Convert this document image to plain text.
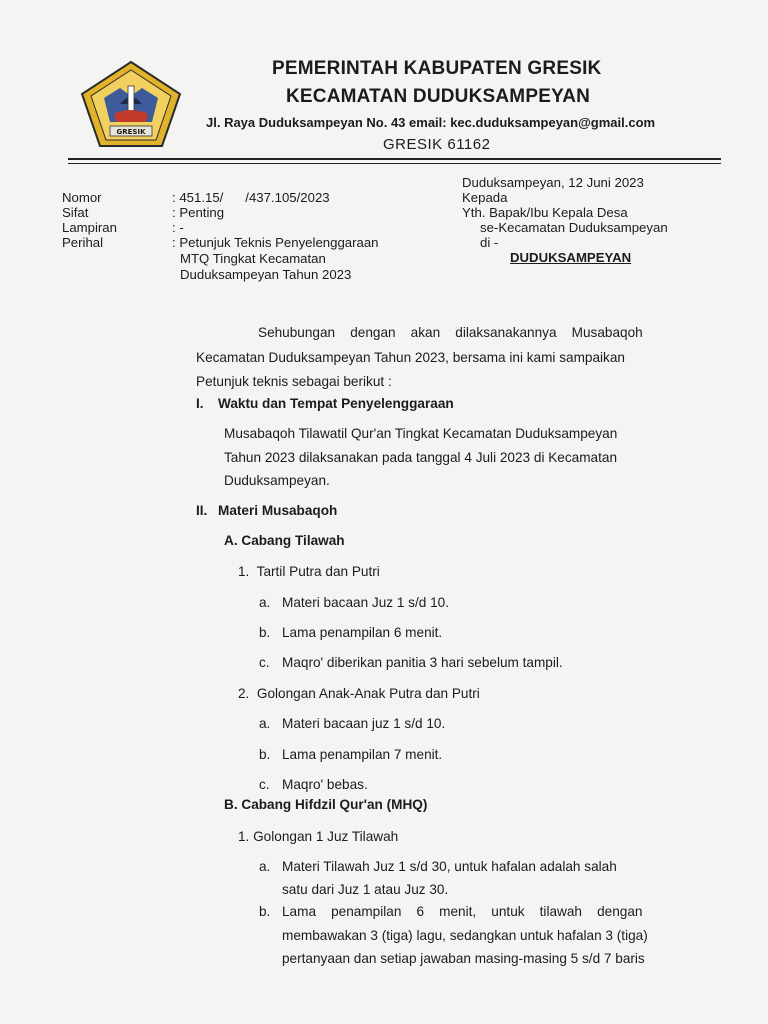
GRESIK
PEMERINTAH KABUPATEN GRESIK
KECAMATAN DUDUKSAMPEYAN
Jl. Raya Duduksampeyan No. 43 email: kec.duduksampeyan@gmail.com
GRESIK 61162
Nomor
Sifat
Lampiran
Perihal
: 451.15/      /437.105/2023
: Penting
: -
: Petunjuk Teknis Penyelenggaraan
MTQ Tingkat Kecamatan
Duduksampeyan Tahun 2023
Duduksampeyan, 12 Juni 2023
Kepada
Yth. Bapak/Ibu Kepala Desa
se-Kecamatan Duduksampeyan
di -
DUDUKSAMPEYAN
Sehubungan    dengan    akan    dilaksanakannya    Musabaqoh
Kecamatan Duduksampeyan Tahun 2023, bersama ini kami sampaikan
Petunjuk teknis sebagai berikut :
I. Waktu dan Tempat Penyelenggaraan
Musabaqoh Tilawatil Qur'an Tingkat Kecamatan Duduksampeyan
Tahun 2023 dilaksanakan pada tanggal 4 Juli 2023 di Kecamatan
Duduksampeyan.
II. Materi Musabaqoh
A. Cabang Tilawah
1.  Tartil Putra dan Putri
a. Materi bacaan Juz 1 s/d 10.
b. Lama penampilan 6 menit.
c. Maqro' diberikan panitia 3 hari sebelum tampil.
2.  Golongan Anak-Anak Putra dan Putri
a. Materi bacaan juz 1 s/d 10.
b. Lama penampilan 7 menit.
c. Maqro' bebas.
B. Cabang Hifdzil Qur'an (MHQ)
1. Golongan 1 Juz Tilawah
a. Materi Tilawah Juz 1 s/d 30, untuk hafalan adalah salah
satu dari Juz 1 atau Juz 30.
b. Lama    penampilan    6    menit,    untuk    tilawah    dengan
membawakan 3 (tiga) lagu, sedangkan untuk hafalan 3 (tiga)
pertanyaan dan setiap jawaban masing-masing 5 s/d 7 baris
